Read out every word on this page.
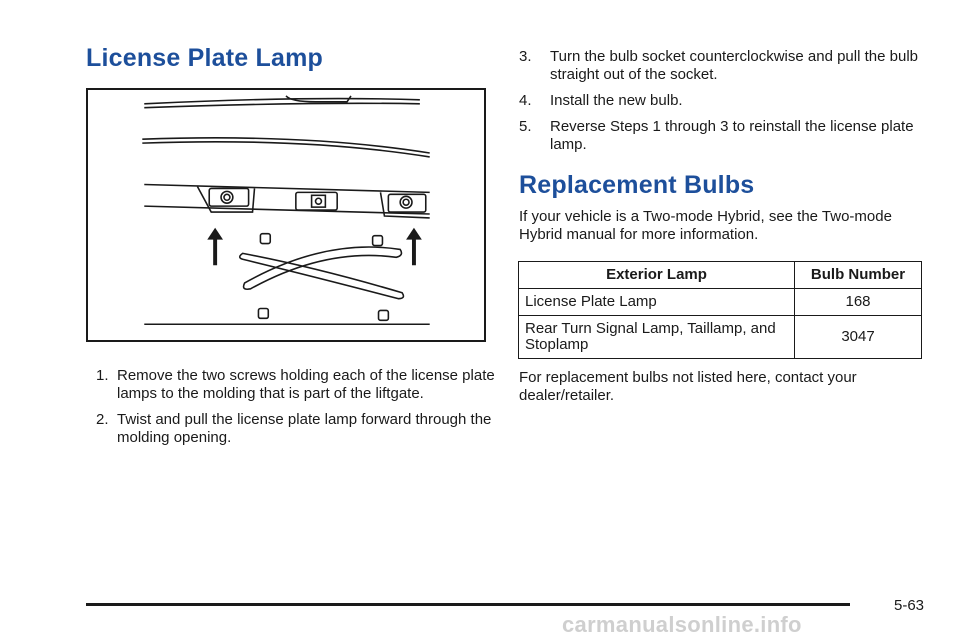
License Plate Lamp
1. Remove the two screws holding each of the license plate lamps to the molding that is part of the liftgate.
2. Twist and pull the license plate lamp forward through the molding opening.
3. Turn the bulb socket counterclockwise and pull the bulb straight out of the socket.
4. Install the new bulb.
5. Reverse Steps 1 through 3 to reinstall the license plate lamp.
Replacement Bulbs

If your vehicle is a Two-mode Hybrid, see the Two-mode Hybrid manual for more information.

Exterior Lamp	Bulb Number
License Plate Lamp	168
Rear Turn Signal Lamp, Taillamp, and Stoplamp	3047

For replacement bulbs not listed here, contact your dealer/retailer.

5-63
carmanualsonline.info
